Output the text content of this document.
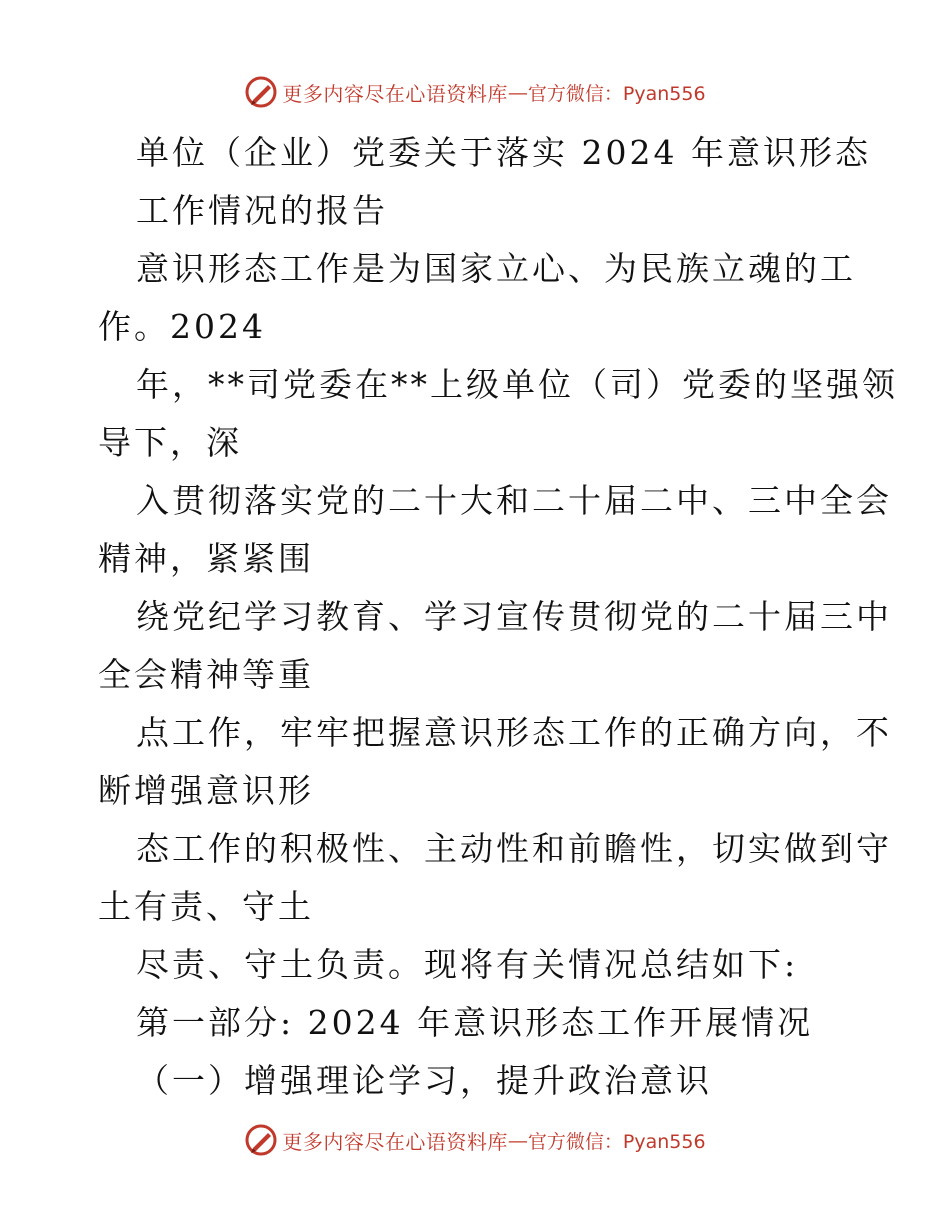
更多内容尽在心语资料库 — 官方微信：Pyan556
单位（企业）党委关于落实 2024 年意识形态
工作情况的报告
意识形态工作是为国家立心、为民族立魂的工
作。2024
年，**司党委在**上级单位（司）党委的坚强领
导下，深
入贯彻落实党的二十大和二十届二中、三中全会
精神，紧紧围
绕党纪学习教育、学习宣传贯彻党的二十届三中
全会精神等重
点工作，牢牢把握意识形态工作的正确方向，不
断增强意识形
态工作的积极性、主动性和前瞻性，切实做到守
土有责、守土
尽责、守土负责。现将有关情况总结如下:
第一部分: 2024 年意识形态工作开展情况
（一）增强理论学习，提升政治意识
更多内容尽在心语资料库 — 官方微信：Pyan556
